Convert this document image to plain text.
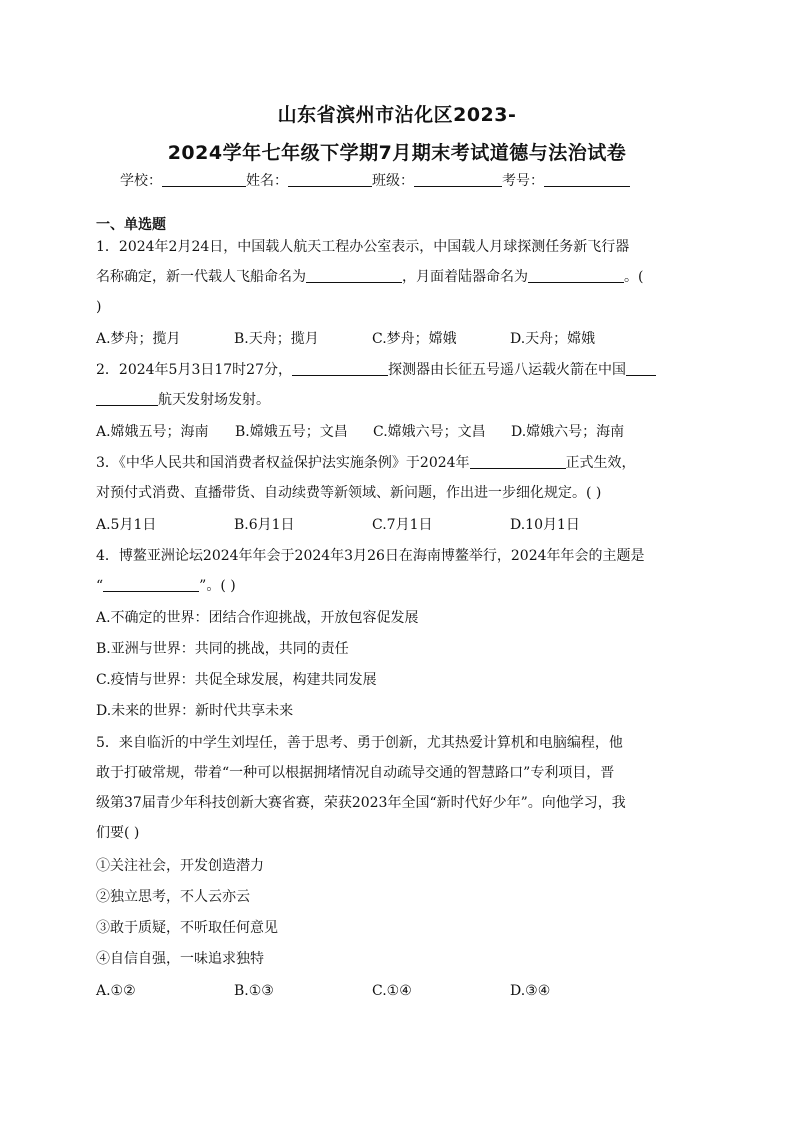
山东省滨州市沾化区2023-
2024学年七年级下学期7月期末考试道德与法治试卷
学校：	姓名：	班级：	考号：
一、单选题
1．2024年2月24日，中国载人航天工程办公室表示，中国载人月球探测任务新飞行器
名称确定，新一代载人飞船命名为	，月面着陆器命名为	。(
)
A.梦舟；揽月	B.天舟；揽月	C.梦舟；嫦娥	D.天舟；嫦娥
2．2024年5月3日17时27分，	探测器由长征五号遥八运载火箭在中国
航天发射场发射。
A.嫦娥五号；海南 B.嫦娥五号；文昌 C.嫦娥六号；文昌 D.嫦娥六号；海南
3．《中华人民共和国消费者权益保护法实施条例》于2024年	正式生效，
对预付式消费、直播带货、自动续费等新领域、新问题，作出进一步细化规定。( )
A.5月1日	B.6月1日	C.7月1日	D.10月1日
4．博鳌亚洲论坛2024年年会于2024年3月26日在海南博鳌举行，2024年年会的主题是
“	”。( )
A.不确定的世界：团结合作迎挑战，开放包容促发展
B.亚洲与世界：共同的挑战，共同的责任
C.疫情与世界：共促全球发展，构建共同发展
D.未来的世界：新时代共享未来
5．来自临沂的中学生刘埕任，善于思考、勇于创新，尤其热爱计算机和电脑编程，他
敢于打破常规，带着“一种可以根据拥堵情况自动疏导交通的智慧路口”专利项目，晋
级第37届青少年科技创新大赛省赛，荣获2023年全国“新时代好少年”。向他学习，我
们要( )
①关注社会，开发创造潜力
②独立思考，不人云亦云
③敢于质疑，不听取任何意见
④自信自强，一味追求独特
A.①②	B.①③	C.①④	D.③④
